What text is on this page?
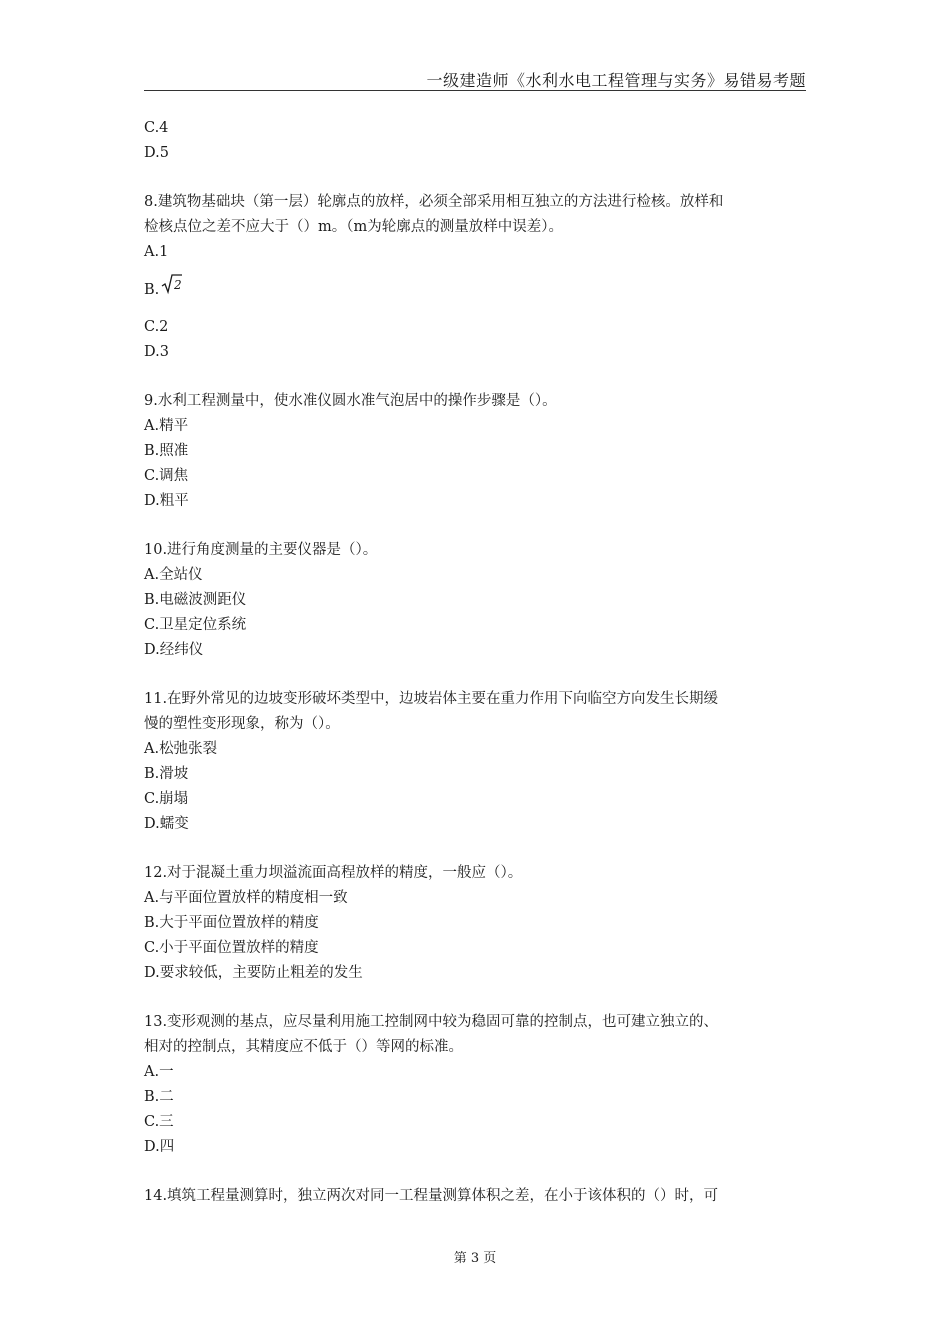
一级建造师《水利水电工程管理与实务》易错易考题
C.4
D.5
8.建筑物基础块（第一层）轮廓点的放样，必须全部采用相互独立的方法进行检核。放样和
检核点位之差不应大于（）m。（m为轮廓点的测量放样中误差）。
A.1
B. 2
C.2
D.3
9.水利工程测量中，使水准仪圆水准气泡居中的操作步骤是（）。
A.精平
B.照准
C.调焦
D.粗平
10.进行角度测量的主要仪器是（）。
A.全站仪
B.电磁波测距仪
C.卫星定位系统
D.经纬仪
11.在野外常见的边坡变形破坏类型中，边坡岩体主要在重力作用下向临空方向发生长期缓
慢的塑性变形现象，称为（）。
A.松弛张裂
B.滑坡
C.崩塌
D.蠕变
12.对于混凝土重力坝溢流面高程放样的精度，一般应（）。
A.与平面位置放样的精度相一致
B.大于平面位置放样的精度
C.小于平面位置放样的精度
D.要求较低，主要防止粗差的发生
13.变形观测的基点，应尽量利用施工控制网中较为稳固可靠的控制点，也可建立独立的、
相对的控制点，其精度应不低于（）等网的标准。
A.一
B.二
C.三
D.四
14.填筑工程量测算时，独立两次对同一工程量测算体积之差，在小于该体积的（）时，可
第 3 页
